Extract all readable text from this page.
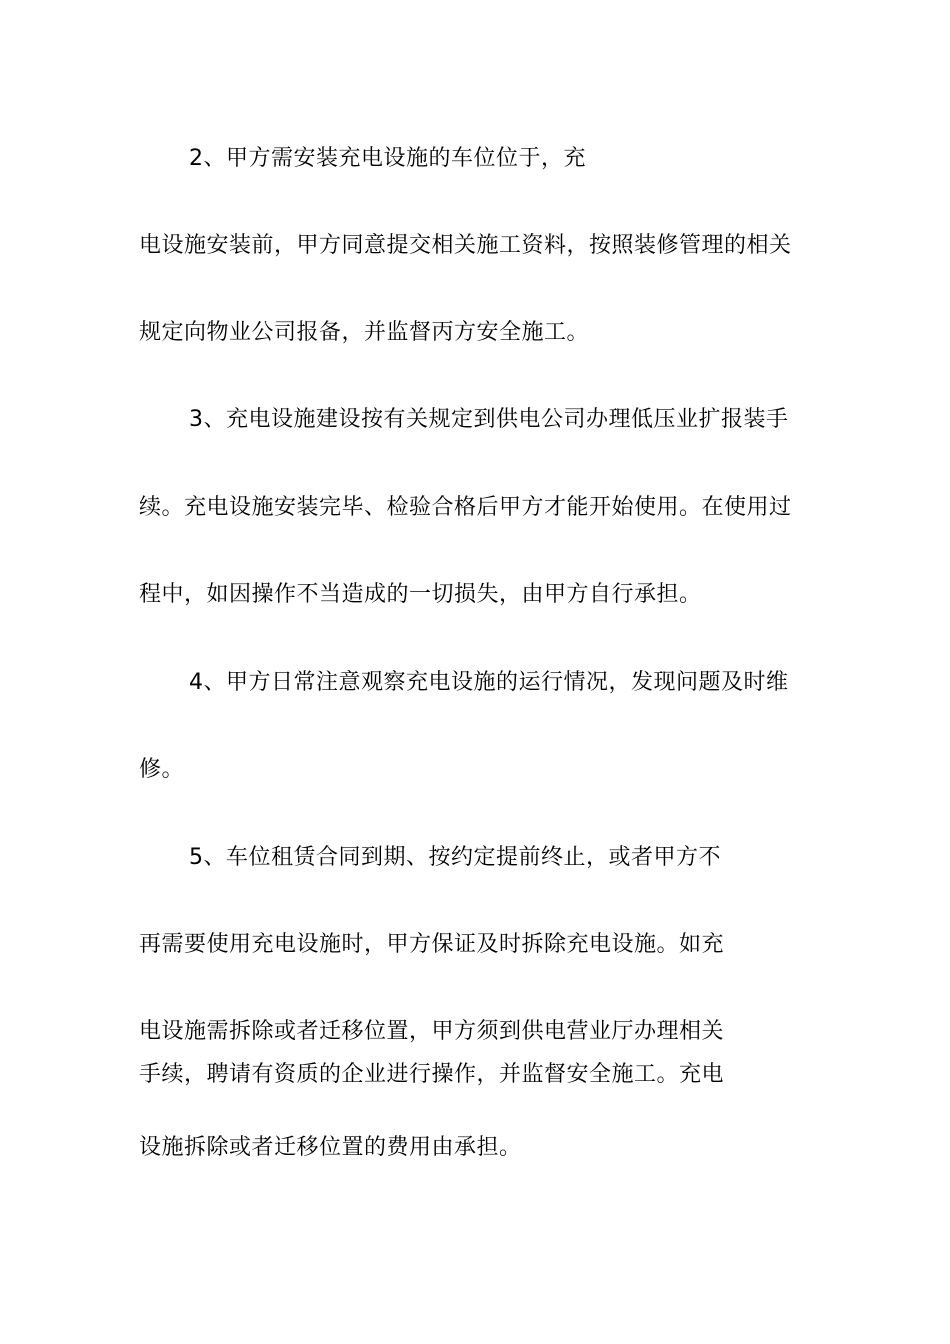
2、甲方需安装充电设施的车位位于，充
电设施安装前，甲方同意提交相关施工资料，按照装修管理的相关
规定向物业公司报备，并监督丙方安全施工。
3、充电设施建设按有关规定到供电公司办理低压业扩报装手
续。充电设施安装完毕、检验合格后甲方才能开始使用。在使用过
程中，如因操作不当造成的一切损失，由甲方自行承担。
4、甲方日常注意观察充电设施的运行情况，发现问题及时维
修。
5、车位租赁合同到期、按约定提前终止，或者甲方不
再需要使用充电设施时，甲方保证及时拆除充电设施。如充
电设施需拆除或者迁移位置，甲方须到供电营业厅办理相关
手续，聘请有资质的企业进行操作，并监督安全施工。充电
设施拆除或者迁移位置的费用由承担。
